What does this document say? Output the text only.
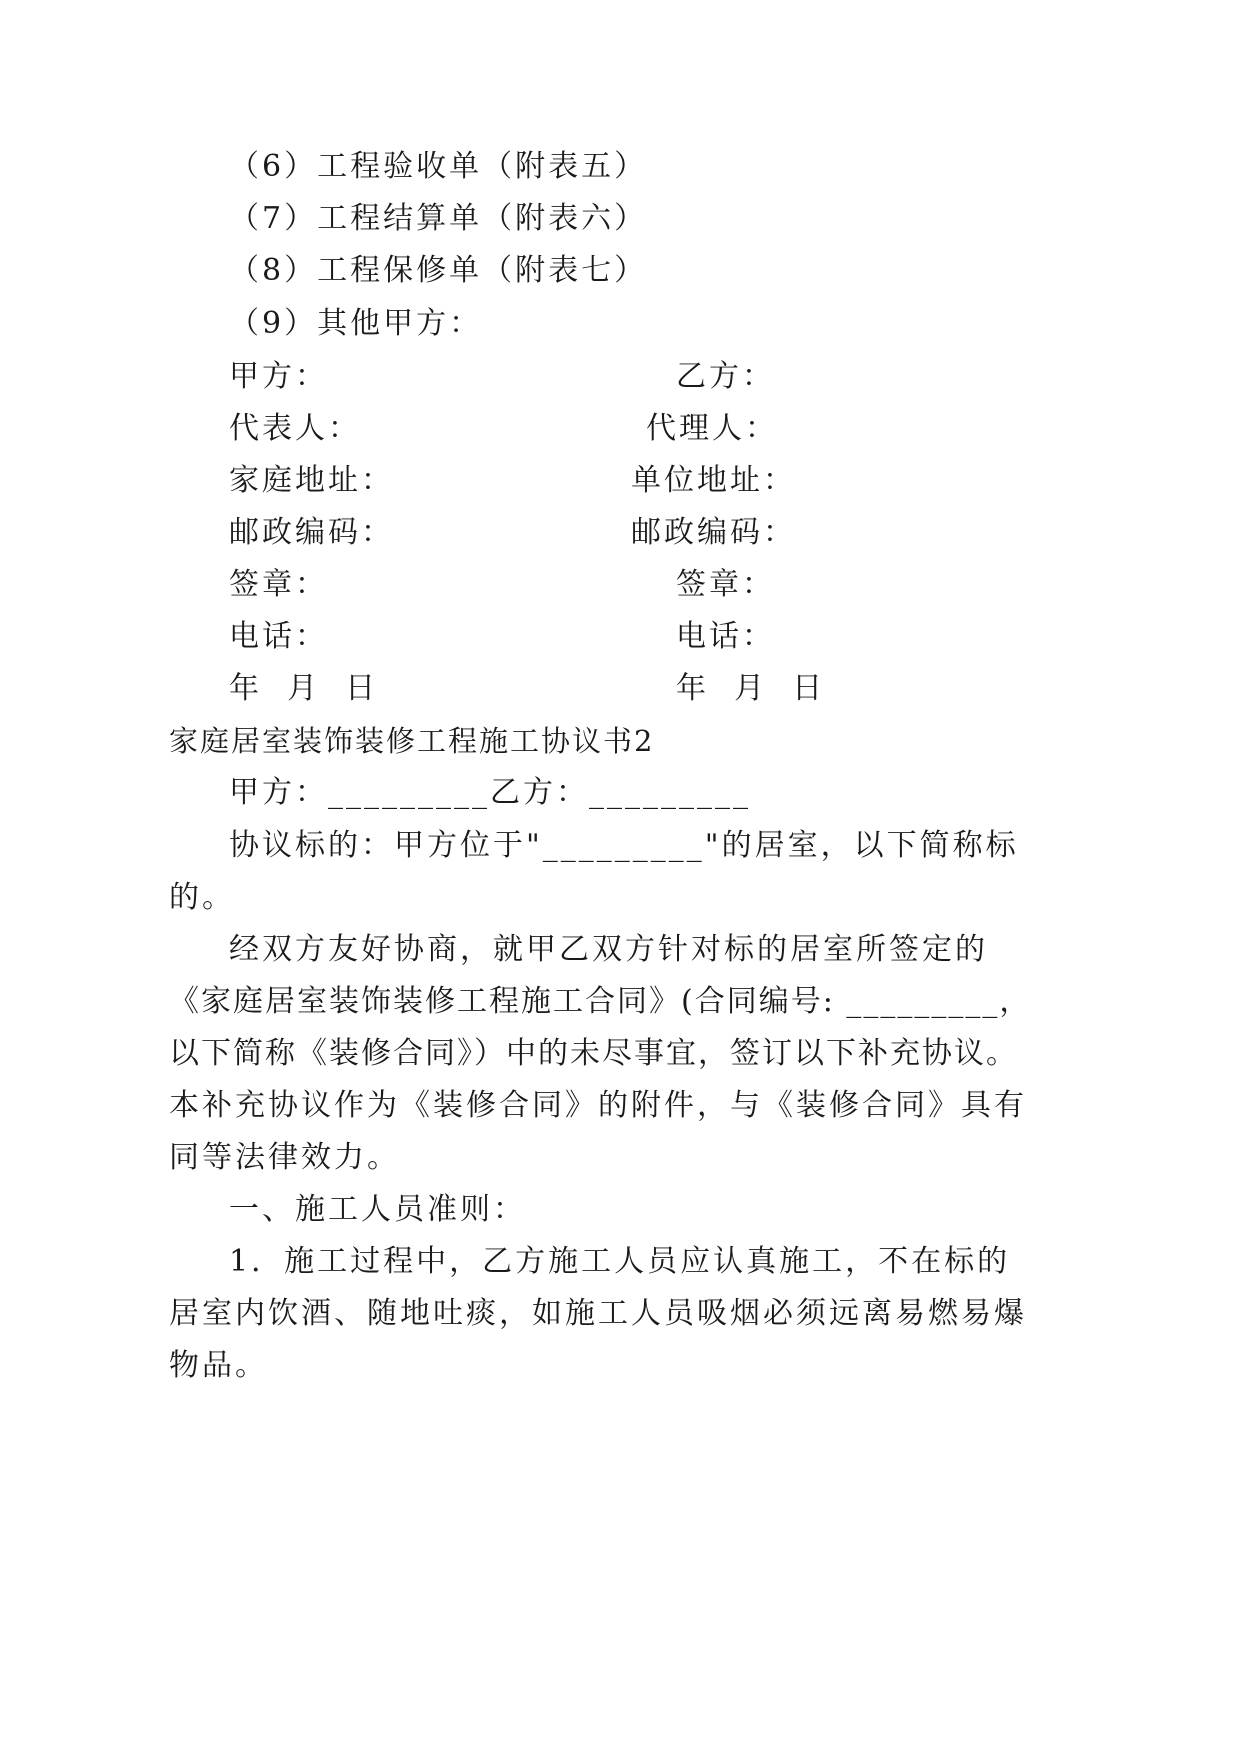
（6）工程验收单（附表五）
（7）工程结算单（附表六）
（8）工程保修单（附表七）
（9）其他甲方：
甲方：
代表人：
家庭地址：
邮政编码：
签章：
电话：
年  月  日
乙方：
代理人：
单位地址：
邮政编码：
签章：
电话：
年  月  日
家庭居室装饰装修工程施工协议书2
甲方：_________乙方：_________
协议标的：甲方位于"_________"的居室，以下简称标
的。
经双方友好协商，就甲乙双方针对标的居室所签定的
《家庭居室装饰装修工程施工合同》(合同编号: _________，
以下简称《装修合同》）中的未尽事宜，签订以下补充协议。
本补充协议作为《装修合同》的附件，与《装修合同》具有
同等法律效力。
一、施工人员准则：
1．施工过程中，乙方施工人员应认真施工，不在标的
居室内饮酒、随地吐痰，如施工人员吸烟必须远离易燃易爆
物品。
